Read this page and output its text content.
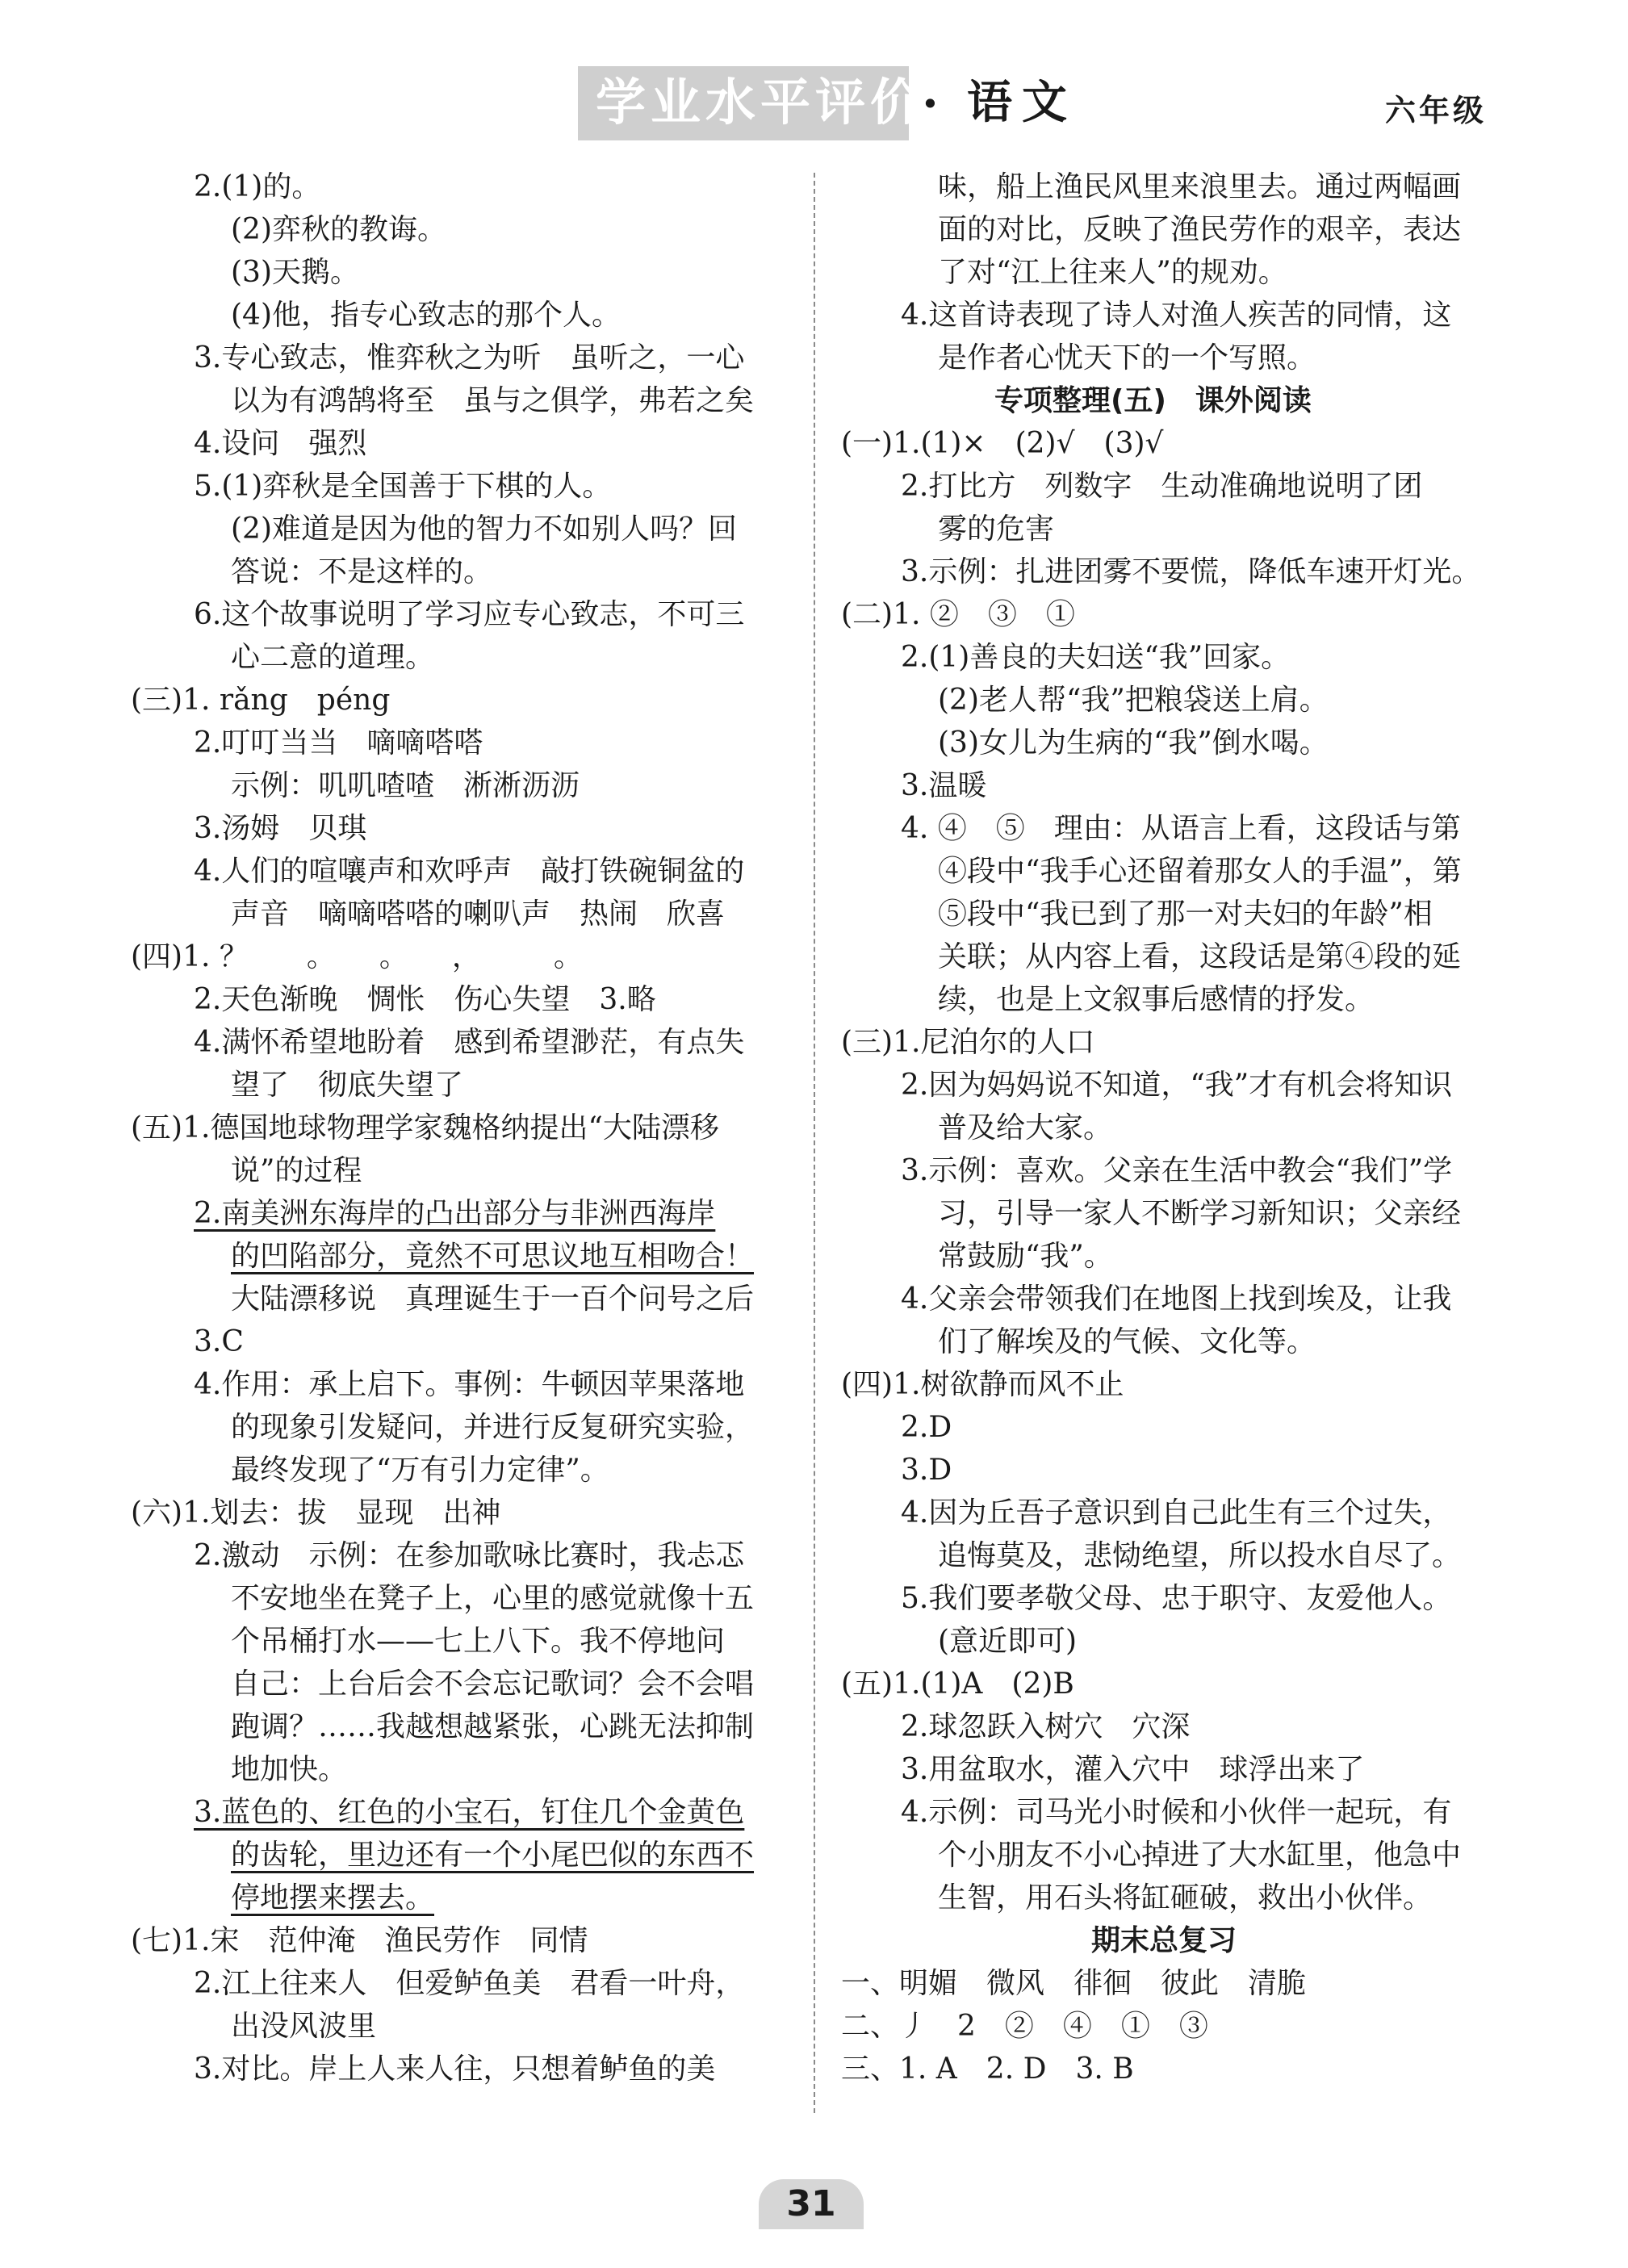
学业水平评价
· 语文	六年级
2.(1)的。
(2)弈秋的教诲。
(3)天鹅。
(4)他，指专心致志的那个人。
3.专心致志，惟弈秋之为听　虽听之，一心
以为有鸿鹄将至　虽与之俱学，弗若之矣
4.设问　强烈
5.(1)弈秋是全国善于下棋的人。
(2)难道是因为他的智力不如别人吗？回
答说：不是这样的。
6.这个故事说明了学习应专心致志，不可三
心二意的道理。
(三)1. rǎng　péng
2.叮叮当当　嘀嘀嗒嗒
示例：叽叽喳喳　淅淅沥沥
3.汤姆　贝琪
4.人们的喧嚷声和欢呼声　敲打铁碗铜盆的
声音　嘀嘀嗒嗒的喇叭声　热闹　欣喜
(四)1. ？　　。　　。　　，　　　。
2.天色渐晚　惆怅　伤心失望　3.略
4.满怀希望地盼着　感到希望渺茫，有点失
望了　彻底失望了
(五)1.德国地球物理学家魏格纳提出“大陆漂移
说”的过程
2.南美洲东海岸的凸出部分与非洲西海岸
的凹陷部分，竟然不可思议地互相吻合！
大陆漂移说　真理诞生于一百个问号之后
3.C
4.作用：承上启下。事例：牛顿因苹果落地
的现象引发疑问，并进行反复研究实验，
最终发现了“万有引力定律”。
(六)1.划去：拔　显现　出神
2.激动　示例：在参加歌咏比赛时，我忐忑
不安地坐在凳子上，心里的感觉就像十五
个吊桶打水——七上八下。我不停地问
自己：上台后会不会忘记歌词？会不会唱
跑调？……我越想越紧张，心跳无法抑制
地加快。
3.蓝色的、红色的小宝石，钉住几个金黄色
的齿轮，里边还有一个小尾巴似的东西不
停地摆来摆去。
(七)1.宋　范仲淹　渔民劳作　同情
2.江上往来人　但爱鲈鱼美　君看一叶舟，
出没风波里
3.对比。岸上人来人往，只想着鲈鱼的美
味，船上渔民风里来浪里去。通过两幅画
面的对比，反映了渔民劳作的艰辛，表达
了对“江上往来人”的规劝。
4.这首诗表现了诗人对渔人疾苦的同情，这
是作者心忧天下的一个写照。
专项整理(五)　课外阅读
(一)1.(1)×　(2)√　(3)√
2.打比方　列数字　生动准确地说明了团
雾的危害
3.示例：扎进团雾不要慌，降低车速开灯光。
(二)1. ②　③　①
2.(1)善良的夫妇送“我”回家。
(2)老人帮“我”把粮袋送上肩。
(3)女儿为生病的“我”倒水喝。
3.温暖
4. ④　⑤　理由：从语言上看，这段话与第
④段中“我手心还留着那女人的手温”，第
⑤段中“我已到了那一对夫妇的年龄”相
关联；从内容上看，这段话是第④段的延
续，也是上文叙事后感情的抒发。
(三)1.尼泊尔的人口
2.因为妈妈说不知道，“我”才有机会将知识
普及给大家。
3.示例：喜欢。父亲在生活中教会“我们”学
习，引导一家人不断学习新知识；父亲经
常鼓励“我”。
4.父亲会带领我们在地图上找到埃及，让我
们了解埃及的气候、文化等。
(四)1.树欲静而风不止
2.D
3.D
4.因为丘吾子意识到自己此生有三个过失，
追悔莫及，悲恸绝望，所以投水自尽了。
5.我们要孝敬父母、忠于职守、友爱他人。
(意近即可)
(五)1.(1)A　(2)B
2.球忽跃入树穴　穴深
3.用盆取水，灌入穴中　球浮出来了
4.示例：司马光小时候和小伙伴一起玩，有
个小朋友不小心掉进了大水缸里，他急中
生智，用石头将缸砸破，救出小伙伴。
期末总复习
一、明媚　微风　徘徊　彼此　清脆
二、丿　2　②　④　①　③
三、1. A　2. D　3. B
31
